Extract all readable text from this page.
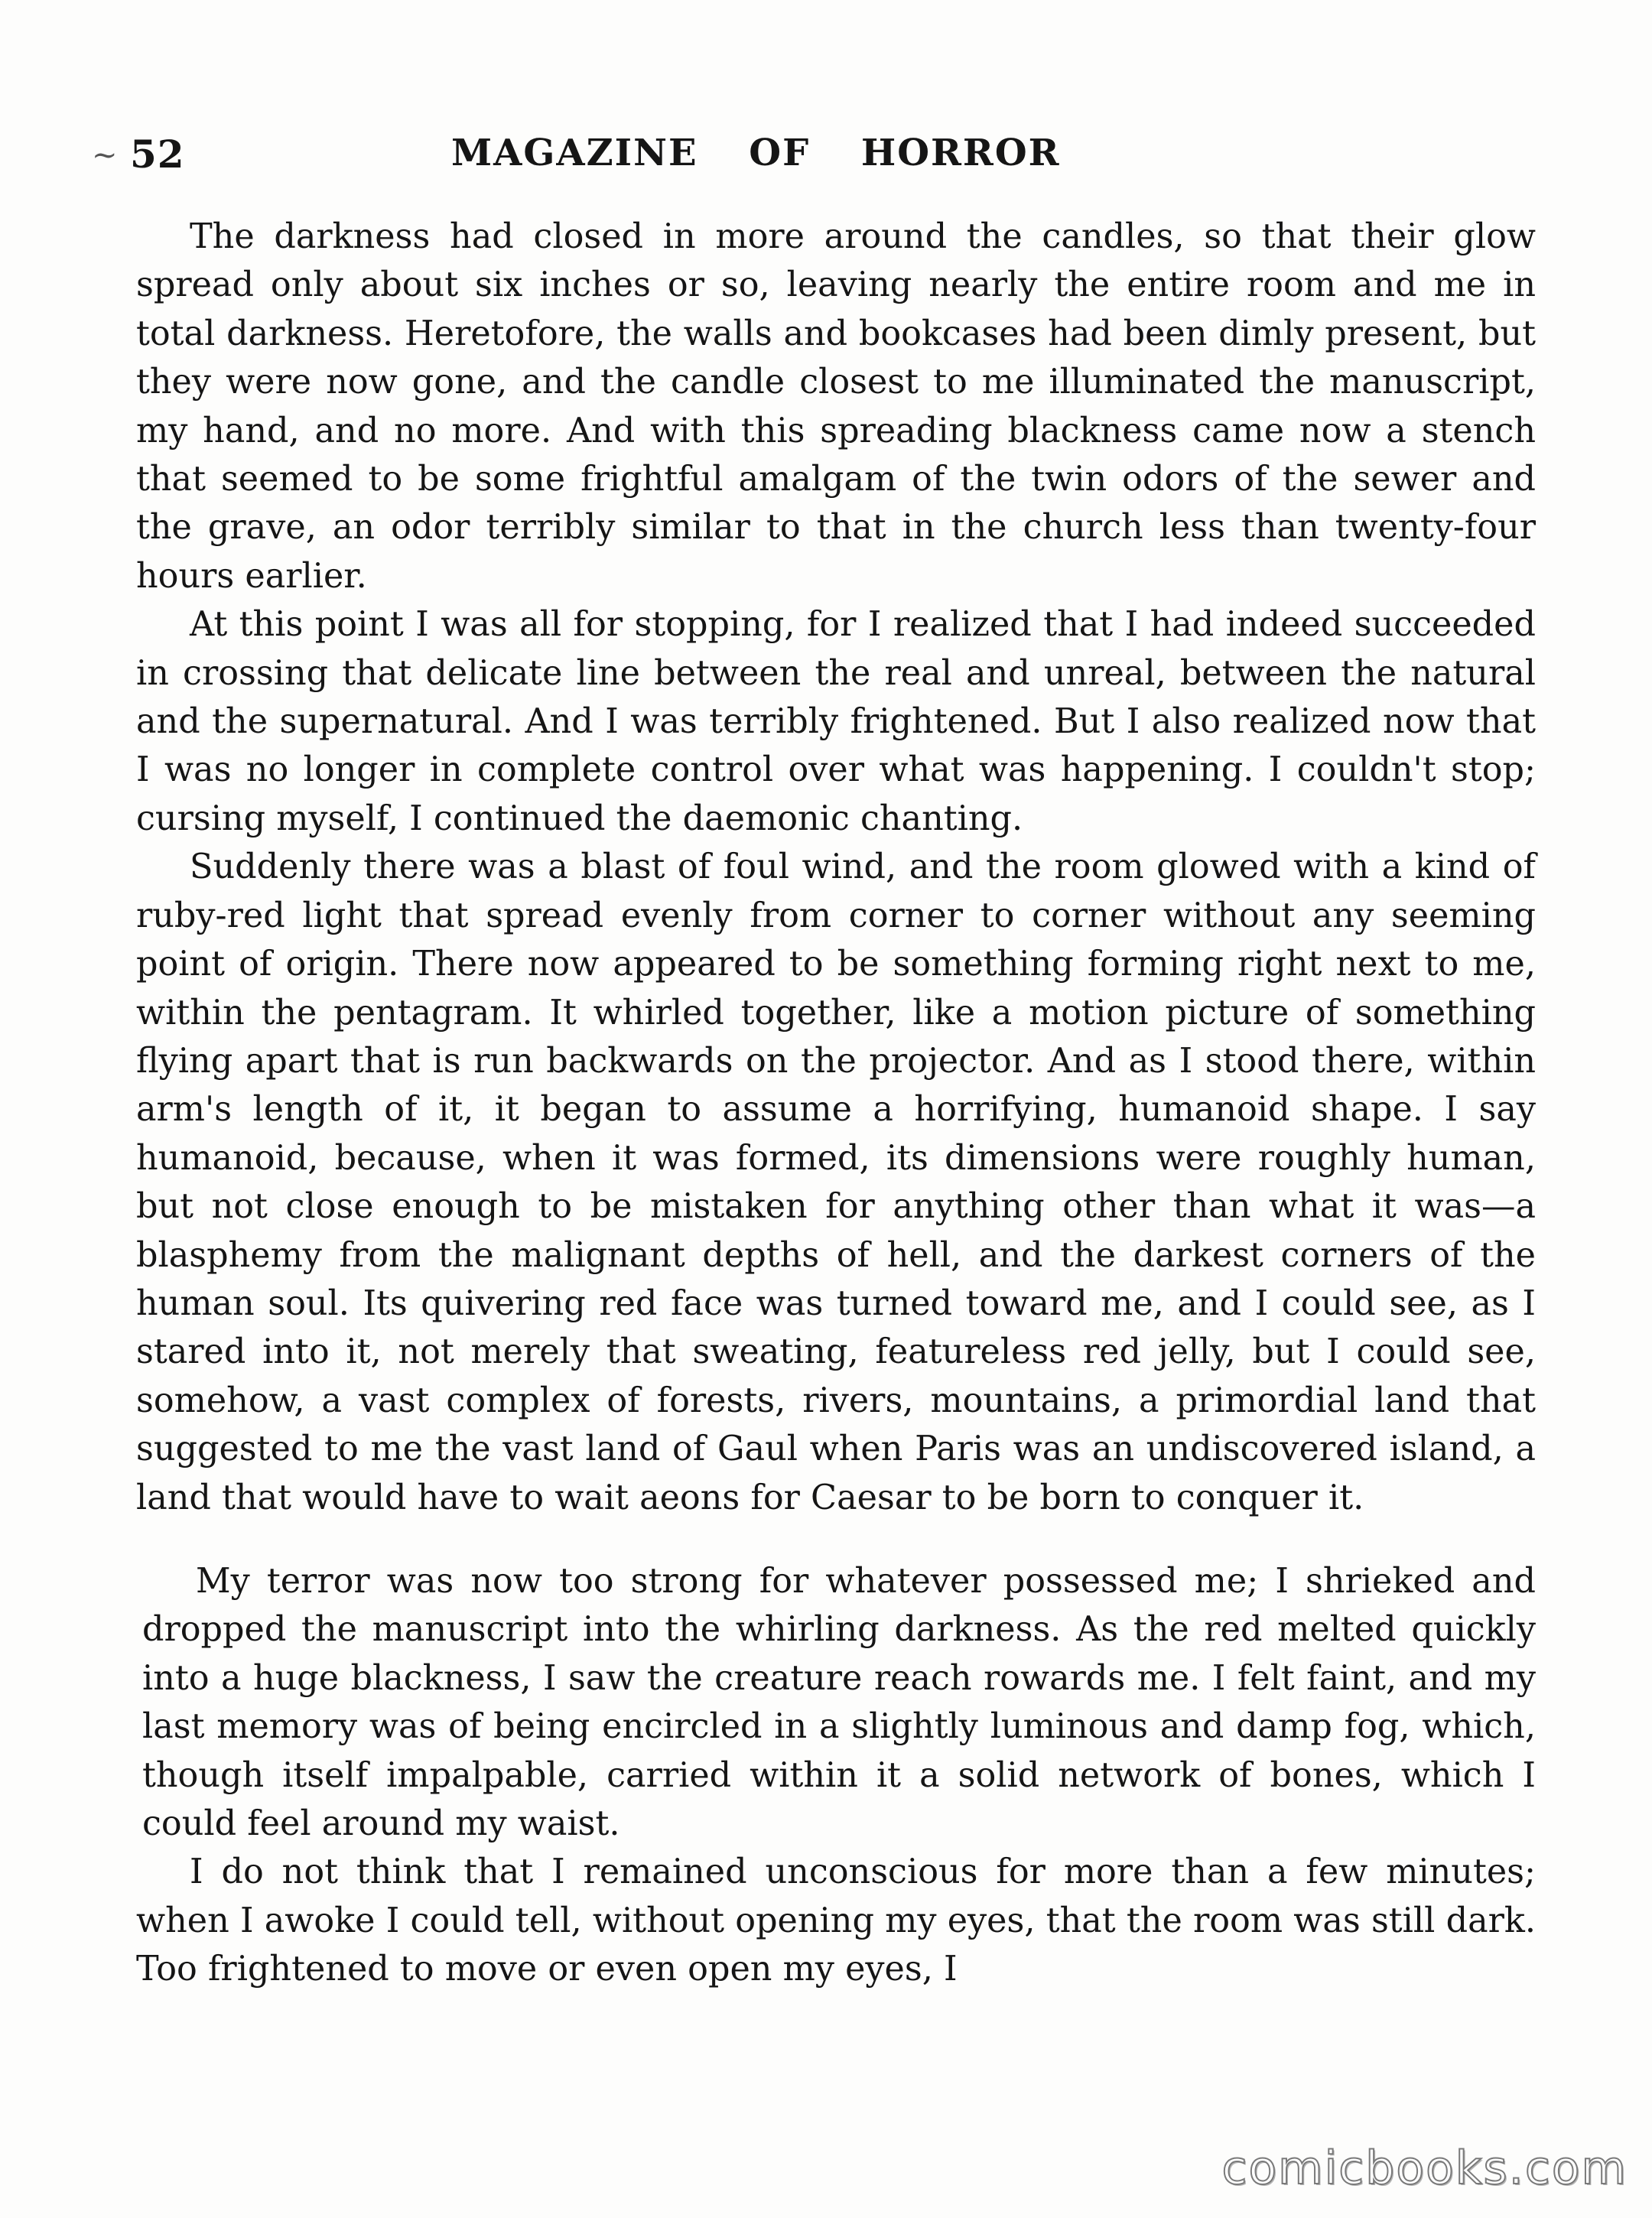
~ 52	MAGAZINE OF HORROR

The darkness had closed in more around the candles, so that their glow spread only about six inches or so, leaving nearly the entire room and me in total darkness. Heretofore, the walls and bookcases had been dimly present, but they were now gone, and the candle closest to me illuminated the manuscript, my hand, and no more. And with this spreading blackness came now a stench that seemed to be some frightful amalgam of the twin odors of the sewer and the grave, an odor terribly similar to that in the church less than twenty-four hours earlier.

At this point I was all for stopping, for I realized that I had indeed succeeded in crossing that delicate line between the real and unreal, between the natural and the supernatural. And I was terribly frightened. But I also realized now that I was no longer in complete control over what was happening. I couldn't stop; cursing myself, I continued the daemonic chanting.

Suddenly there was a blast of foul wind, and the room glowed with a kind of ruby-red light that spread evenly from corner to corner without any seeming point of origin. There now appeared to be something forming right next to me, within the pentagram. It whirled together, like a motion picture of something flying apart that is run backwards on the projector. And as I stood there, within arm's length of it, it began to assume a horrifying, humanoid shape. I say humanoid, because, when it was formed, its dimensions were roughly human, but not close enough to be mistaken for anything other than what it was—a blasphemy from the malignant depths of hell, and the darkest corners of the human soul. Its quivering red face was turned toward me, and I could see, as I stared into it, not merely that sweating, featureless red jelly, but I could see, somehow, a vast complex of forests, rivers, mountains, a primordial land that suggested to me the vast land of Gaul when Paris was an undiscovered island, a land that would have to wait aeons for Caesar to be born to conquer it.

My terror was now too strong for whatever possessed me; I shrieked and dropped the manuscript into the whirling darkness. As the red melted quickly into a huge blackness, I saw the creature reach rowards me. I felt faint, and my last memory was of being encircled in a slightly luminous and damp fog, which, though itself impalpable, carried within it a solid network of bones, which I could feel around my waist.

I do not think that I remained unconscious for more than a few minutes; when I awoke I could tell, without opening my eyes, that the room was still dark. Too frightened to move or even open my eyes, I

comicbooks.com
